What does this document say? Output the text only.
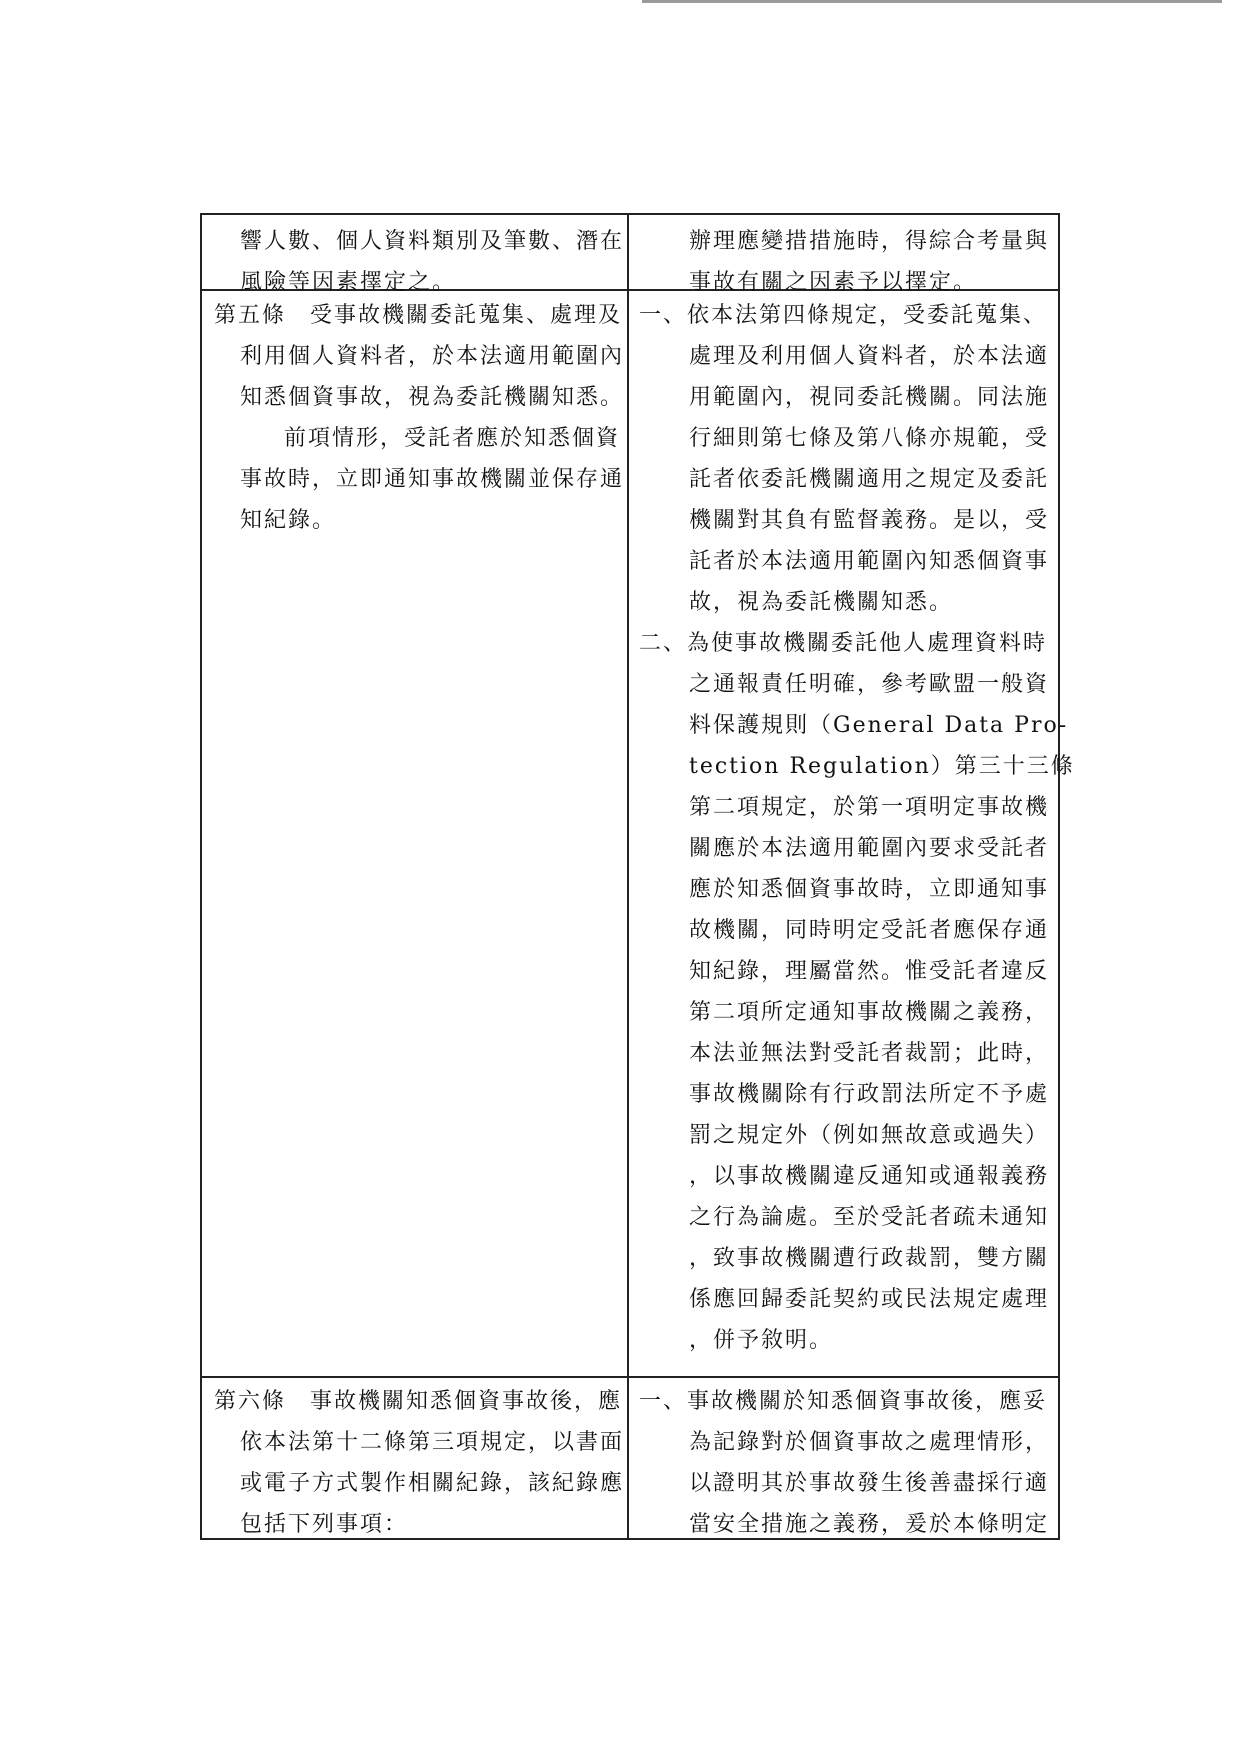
響人數、個人資料類別及筆數、潛在
風險等因素擇定之。
辦理應變措措施時，得綜合考量與
事故有關之因素予以擇定。
第五條　受事故機關委託蒐集、處理及
利用個人資料者，於本法適用範圍內
知悉個資事故，視為委託機關知悉。
前項情形，受託者應於知悉個資
事故時，立即通知事故機關並保存通
知紀錄。
一、依本法第四條規定，受委託蒐集、
處理及利用個人資料者，於本法適
用範圍內，視同委託機關。同法施
行細則第七條及第八條亦規範，受
託者依委託機關適用之規定及委託
機關對其負有監督義務。是以，受
託者於本法適用範圍內知悉個資事
故，視為委託機關知悉。
二、為使事故機關委託他人處理資料時
之通報責任明確，參考歐盟一般資
料保護規則（General Data Pro-
tection Regulation）第三十三條
第二項規定，於第一項明定事故機
關應於本法適用範圍內要求受託者
應於知悉個資事故時，立即通知事
故機關，同時明定受託者應保存通
知紀錄，理屬當然。惟受託者違反
第二項所定通知事故機關之義務，
本法並無法對受託者裁罰；此時，
事故機關除有行政罰法所定不予處
罰之規定外（例如無故意或過失）
，以事故機關違反通知或通報義務
之行為論處。至於受託者疏未通知
，致事故機關遭行政裁罰，雙方關
係應回歸委託契約或民法規定處理
，併予敘明。
第六條　事故機關知悉個資事故後，應
依本法第十二條第三項規定，以書面
或電子方式製作相關紀錄，該紀錄應
包括下列事項：
一、事故機關於知悉個資事故後，應妥
為記錄對於個資事故之處理情形，
以證明其於事故發生後善盡採行適
當安全措施之義務，爰於本條明定
